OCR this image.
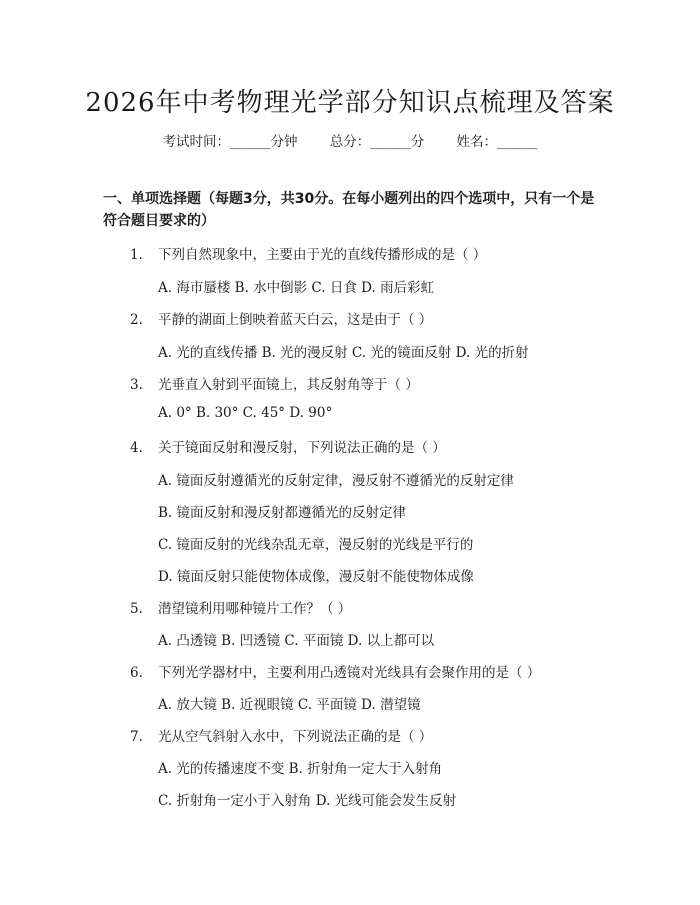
2026年中考物理光学部分知识点梳理及答案
考试时间：______分钟 总分：______分 姓名：______
一、单项选择题（每题3分，共30分。在每小题列出的四个选项中，只有一个是符合题目要求的）
1. 下列自然现象中，主要由于光的直线传播形成的是（ ）
A. 海市蜃楼 B. 水中倒影 C. 日食 D. 雨后彩虹
2. 平静的湖面上倒映着蓝天白云，这是由于（ ）
A. 光的直线传播 B. 光的漫反射 C. 光的镜面反射 D. 光的折射
3. 光垂直入射到平面镜上，其反射角等于（ ）
A. 0° B. 30° C. 45° D. 90°
4. 关于镜面反射和漫反射，下列说法正确的是（ ）
A. 镜面反射遵循光的反射定律，漫反射不遵循光的反射定律
B. 镜面反射和漫反射都遵循光的反射定律
C. 镜面反射的光线杂乱无章，漫反射的光线是平行的
D. 镜面反射只能使物体成像，漫反射不能使物体成像
5. 潜望镜利用哪种镜片工作？（ ）
A. 凸透镜 B. 凹透镜 C. 平面镜 D. 以上都可以
6. 下列光学器材中，主要利用凸透镜对光线具有会聚作用的是（ ）
A. 放大镜 B. 近视眼镜 C. 平面镜 D. 潜望镜
7. 光从空气斜射入水中，下列说法正确的是（ ）
A. 光的传播速度不变 B. 折射角一定大于入射角
C. 折射角一定小于入射角 D. 光线可能会发生反射
